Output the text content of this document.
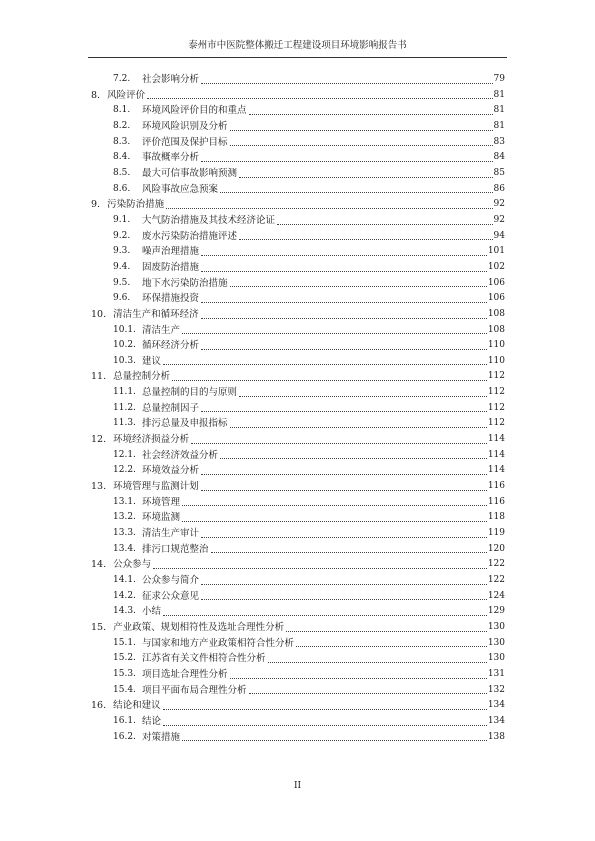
泰州市中医院整体搬迁工程建设项目环境影响报告书
7.2.	社会影响分析	79
8. 风险评价	81
8.1.	环境风险评价目的和重点	81
8.2.	环境风险识别及分析	81
8.3.	评价范围及保护目标	83
8.4.	事故概率分析	84
8.5.	最大可信事故影响预测	85
8.6.	风险事故应急预案	86
9. 污染防治措施	92
9.1.	大气防治措施及其技术经济论证	92
9.2.	废水污染防治措施评述	94
9.3.	噪声治理措施	101
9.4.	固废防治措施	102
9.5.	地下水污染防治措施	106
9.6.	环保措施投资	106
10. 清洁生产和循环经济	108
10.1. 清洁生产	108
10.2. 循环经济分析	110
10.3. 建议	110
11. 总量控制分析	112
11.1. 总量控制的目的与原则	112
11.2. 总量控制因子	112
11.3. 排污总量及申报指标	112
12. 环境经济损益分析	114
12.1. 社会经济效益分析	114
12.2. 环境效益分析	114
13. 环境管理与监测计划	116
13.1. 环境管理	116
13.2. 环境监测	118
13.3. 清洁生产审计	119
13.4. 排污口规范整治	120
14. 公众参与	122
14.1. 公众参与简介	122
14.2. 征求公众意见	124
14.3. 小结	129
15. 产业政策、规划相符性及选址合理性分析	130
15.1. 与国家和地方产业政策相符合性分析	130
15.2. 江苏省有关文件相符合性分析	130
15.3. 项目选址合理性分析	131
15.4. 项目平面布局合理性分析	132
16. 结论和建议	134
16.1. 结论	134
16.2. 对策措施	138
II
